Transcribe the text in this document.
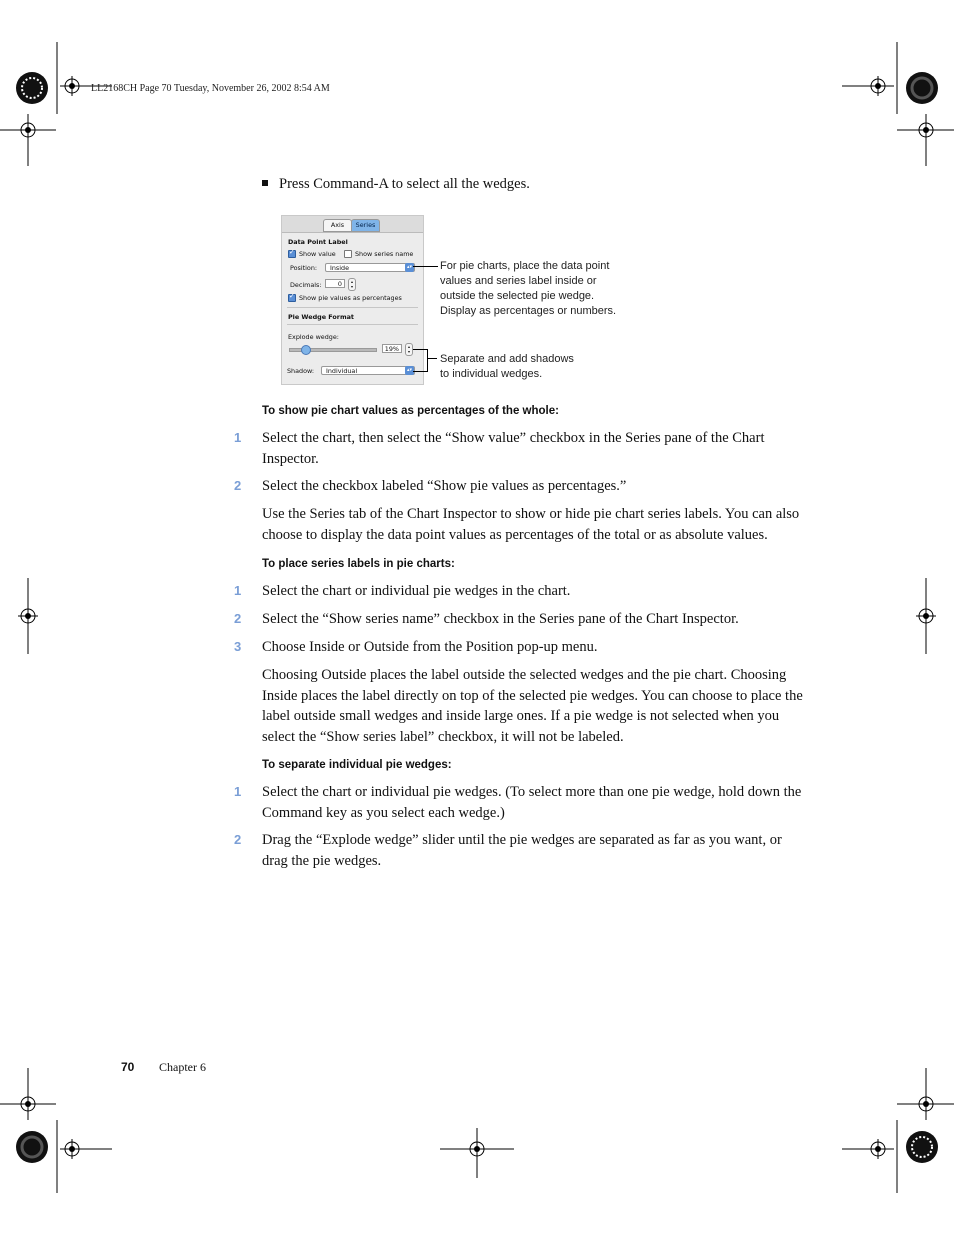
LL2168CH Page 70 Tuesday, November 26, 2002 8:54 AM
Press Command-A to select all the wedges.
Axis	Series
Data Point Label
✓
Show value	Show series name
Position:	Inside	▴▾
Decimals:	0	▴
▾
✓
Show pie values as percentages
Pie Wedge Format
Explode wedge:
19%	▴
▾
Shadow:	Individual	▴▾
For pie charts, place the data point
values and series label inside or
outside the selected pie wedge.
Display as percentages or numbers.
Separate and add shadows
to individual wedges.
To show pie chart values as percentages of the whole:
1 Select the chart, then select the “Show value” checkbox in the Series pane of the Chart Inspector.
2 Select the checkbox labeled “Show pie values as percentages.”
Use the Series tab of the Chart Inspector to show or hide pie chart series labels. You can also choose to display the data point values as percentages of the total or as absolute values.
To place series labels in pie charts:
1 Select the chart or individual pie wedges in the chart.
2 Select the “Show series name” checkbox in the Series pane of the Chart Inspector.
3 Choose Inside or Outside from the Position pop-up menu.
Choosing Outside places the label outside the selected wedges and the pie chart. Choosing Inside places the label directly on top of the selected pie wedges. You can choose to place the label outside small wedges and inside large ones. If a pie wedge is not selected when you select the “Show series label” checkbox, it will not be labeled.
To separate individual pie wedges:
1 Select the chart or individual pie wedges. (To select more than one pie wedge, hold down the Command key as you select each wedge.)
2 Drag the “Explode wedge” slider until the pie wedges are separated as far as you want, or drag the pie wedges.
70 Chapter 6
